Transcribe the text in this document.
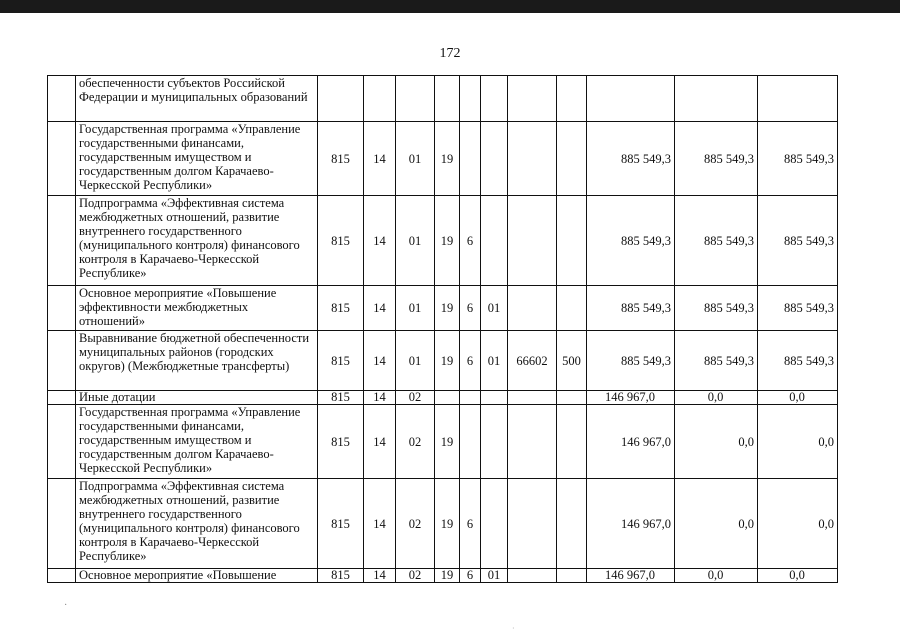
172
	обеспеченности субъектов Российской Федерации и муниципальных образований											
	Государственная программа «Управление государственными финансами, государственным имуществом и государственным долгом Карачаево-Черкесской Республики»	815	14	01	19					885 549,3	885 549,3	885 549,3
	Подпрограмма «Эффективная система межбюджетных отношений, развитие внутреннего государственного (муниципального контроля) финансового контроля в Карачаево-Черкесской Республике»	815	14	01	19	6				885 549,3	885 549,3	885 549,3
	Основное мероприятие «Повышение эффективности межбюджетных отношений»	815	14	01	19	6	01			885 549,3	885 549,3	885 549,3
	Выравнивание бюджетной обеспеченности муниципальных районов (городских округов) (Межбюджетные трансферты)	815	14	01	19	6	01	66602	500	885 549,3	885 549,3	885 549,3
	Иные дотации	815	14	02						146 967,0	0,0	0,0
	Государственная программа «Управление государственными финансами, государственным имуществом и государственным долгом Карачаево-Черкесской Республики»	815	14	02	19					146 967,0	0,0	0,0
	Подпрограмма «Эффективная система межбюджетных отношений, развитие внутреннего государственного (муниципального контроля) финансового контроля в Карачаево-Черкесской Республике»	815	14	02	19	6				146 967,0	0,0	0,0
	Основное мероприятие «Повышение	815	14	02	19	6	01			146 967,0	0,0	0,0
·
·
